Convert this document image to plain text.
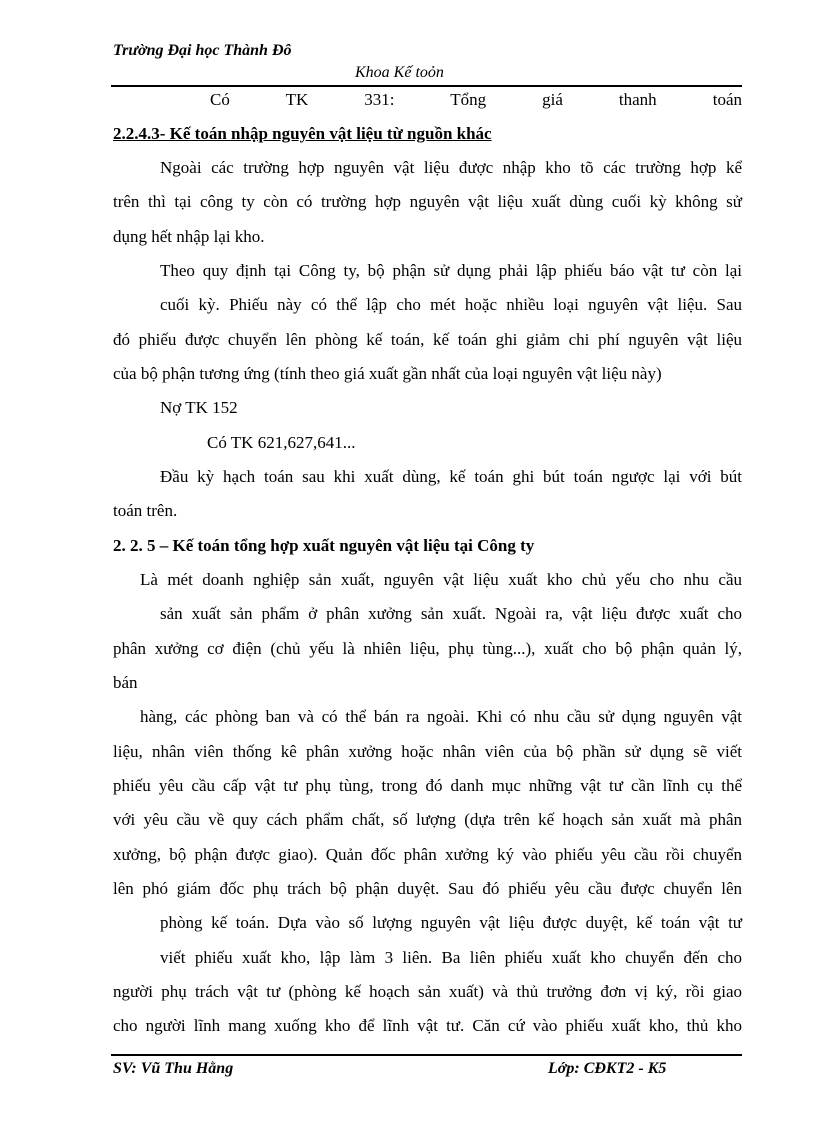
Trường Đại học Thành Đô
Khoa Kế toỏn
Có TK 331: Tổng giá thanh toán
2.2.4.3- Kế toán nhập nguyên vật liệu từ nguồn khác
Ngoài các trường hợp nguyên vật liệu được nhập kho tõ các trường hợp kể
trên thì tại công ty còn có trường hợp nguyên vật liệu xuất dùng cuối kỳ không sử
dụng hết nhập lại kho.
Theo quy định tại Công ty, bộ phận sử dụng phải lập phiếu báo vật tư còn lại
cuối kỳ. Phiếu này có thể lập cho mét hoặc nhiều loại nguyên vật liệu. Sau
đó phiếu được chuyển lên phòng kế toán, kế toán ghi giảm chi phí nguyên vật liệu
của bộ phận tương ứng (tính theo giá xuất gần nhất của loại nguyên vật liệu này)
Nợ TK 152
Có TK 621,627,641...
Đầu kỳ hạch toán sau khi xuất dùng, kế toán ghi bút toán ngược lại với bút
toán trên.
2. 2. 5 – Kế toán tổng hợp xuất nguyên vật liệu tại Công ty
Là mét doanh nghiệp sản xuất, nguyên vật liệu xuất kho chủ yếu cho nhu cầu
sản xuất sản phẩm ở phân xưởng sản xuất. Ngoài ra, vật liệu được xuất cho
phân xưởng cơ điện (chủ yếu là nhiên liệu, phụ tùng...), xuất cho bộ phận quản lý,
bán
hàng, các phòng ban và có thể bán ra ngoài. Khi có nhu cầu sử dụng nguyên vật
liệu, nhân viên thống kê phân xưởng hoặc nhân viên của bộ phần sử dụng sẽ viết
phiếu yêu cầu cấp vật tư phụ tùng, trong đó danh mục những vật tư cần lĩnh cụ thể
với yêu cầu về quy cách phẩm chất, số lượng (dựa trên kế hoạch sản xuất mà phân
xưởng, bộ phận được giao). Quản đốc phân xưởng ký vào phiếu yêu cầu rồi chuyển
lên phó giám đốc phụ trách bộ phận duyệt. Sau đó phiếu yêu cầu được chuyển lên
phòng kế toán. Dựa vào số lượng nguyên vật liệu được duyệt, kế toán vật tư
viết phiếu xuất kho, lập làm 3 liên. Ba liên phiếu xuất kho chuyển đến cho
người phụ trách vật tư (phòng kế hoạch sản xuất) và thủ trưởng đơn vị ký, rồi giao
cho người lĩnh mang xuống kho để lĩnh vật tư. Căn cứ vào phiếu xuất kho, thủ kho
SV: Vũ Thu Hằng	Lớp: CĐKT2 - K5
